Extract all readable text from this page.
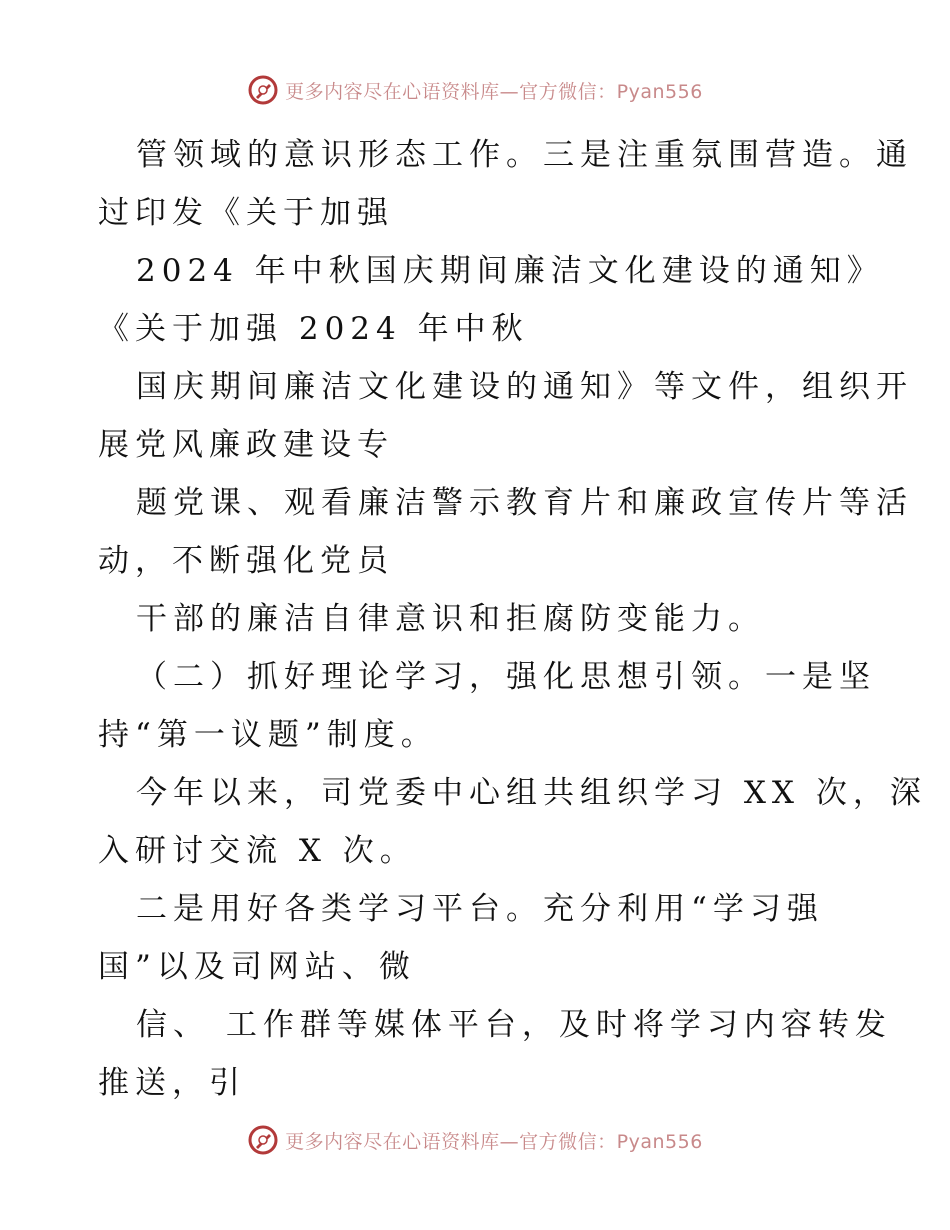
更多内容尽在心语资料库—官方微信：Pyan556
管领域的意识形态工作。三是注重氛围营造。通
过印发《关于加强
2024 年中秋国庆期间廉洁文化建设的通知》
《关于加强 2024 年中秋
国庆期间廉洁文化建设的通知》等文件，组织开
展党风廉政建设专
题党课、观看廉洁警示教育片和廉政宣传片等活
动，不断强化党员
干部的廉洁自律意识和拒腐防变能力。
（二）抓好理论学习，强化思想引领。一是坚
持“第一议题”制度。
今年以来，司党委中心组共组织学习 XX 次，深
入研讨交流 X 次。
二是用好各类学习平台。充分利用“学习强
国”以及司网站、微
信、 工作群等媒体平台，及时将学习内容转发
推送，引
更多内容尽在心语资料库—官方微信：Pyan556
